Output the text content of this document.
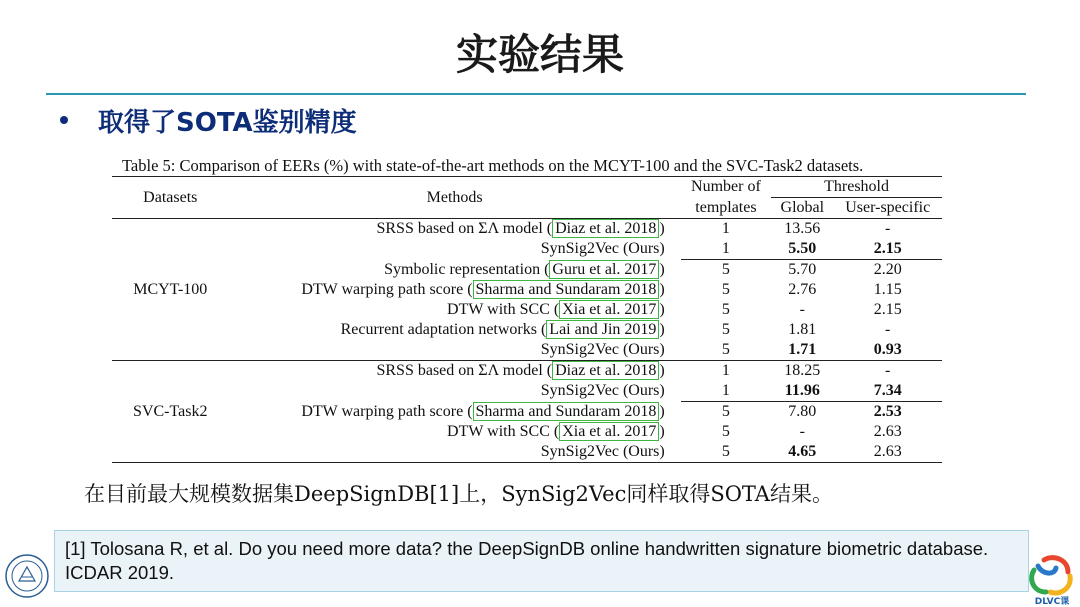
实验结果
取得了SOTA鉴别精度
Table 5: Comparison of EERs (%) with state-of-the-art methods on the MCYT-100 and the SVC-Task2 datasets.
Datasets	Methods	Number of	Threshold	
		templates	Global	User-specific
MCYT-100	SRSS based on ΣΛ model ( Diaz et al. 2018 )	1	13.56	-
	SynSig2Vec (Ours)	1	5.50	2.15
	Symbolic representation ( Guru et al. 2017 )	5	5.70	2.20
	DTW warping path score ( Sharma and Sundaram 2018 )	5	2.76	1.15
	DTW with SCC ( Xia et al. 2017 )	5	-	2.15
	Recurrent adaptation networks ( Lai and Jin 2019 )	5	1.81	-
	SynSig2Vec (Ours)	5	1.71	0.93
SVC-Task2	SRSS based on ΣΛ model ( Diaz et al. 2018 )	1	18.25	-
	SynSig2Vec (Ours)	1	11.96	7.34
	DTW warping path score ( Sharma and Sundaram 2018 )	5	7.80	2.53
	DTW with SCC ( Xia et al. 2017 )	5	-	2.63
	SynSig2Vec (Ours)	5	4.65	2.63
在目前最大规模数据集DeepSignDB[1]上，SynSig2Vec同样取得SOTA结果。
[1] Tolosana R, et al. Do you need more data? the DeepSignDB online handwritten signature biometric database. ICDAR 2019.
DLVC课
